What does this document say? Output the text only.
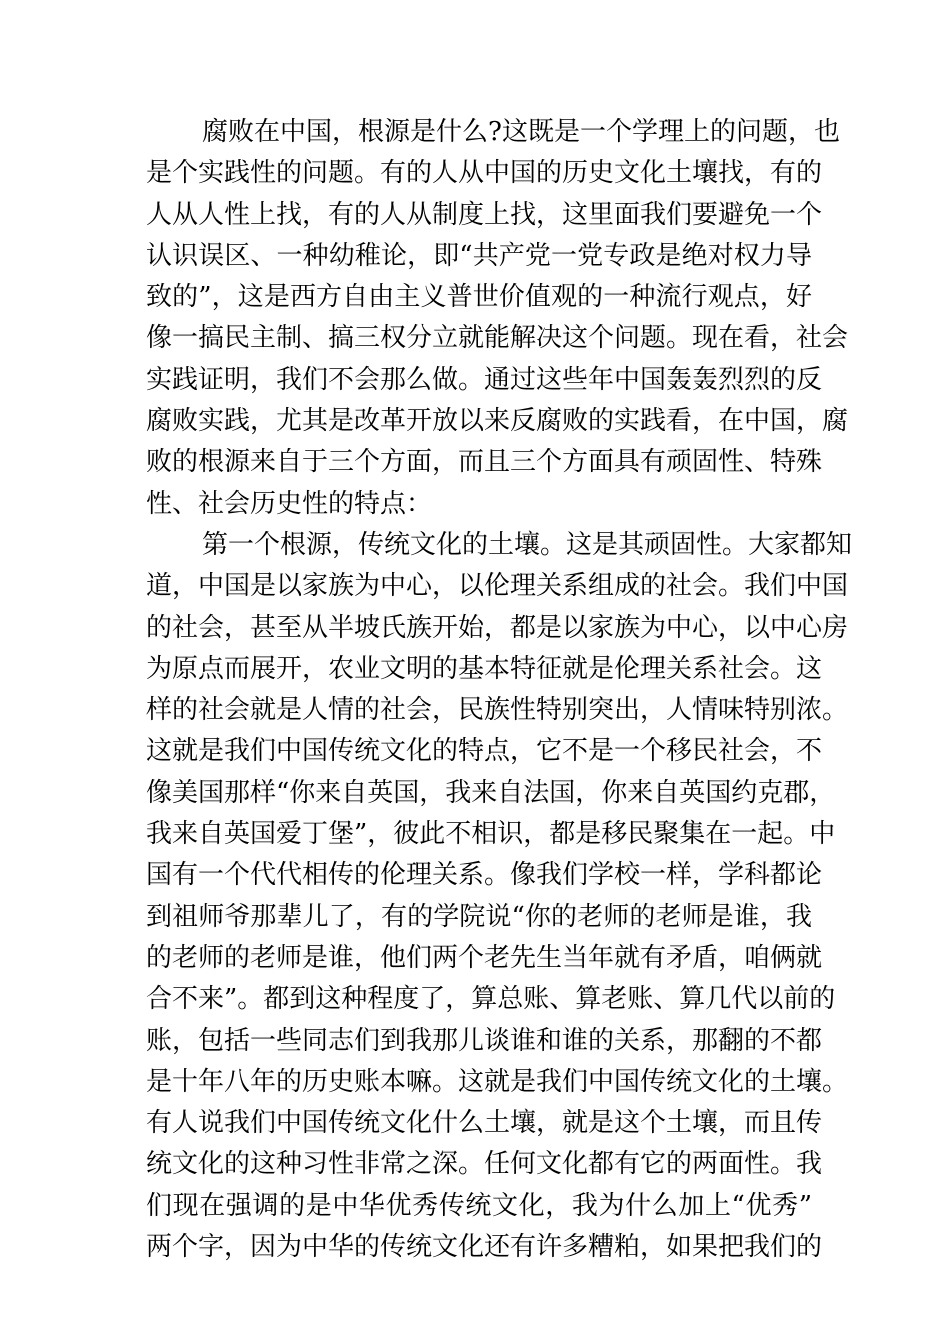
腐败在中国，根源是什么?这既是一个学理上的问题，也
是个实践性的问题。有的人从中国的历史文化土壤找，有的
人从人性上找，有的人从制度上找，这里面我们要避免一个
认识误区、一种幼稚论，即“共产党一党专政是绝对权力导
致的”，这是西方自由主义普世价值观的一种流行观点，好
像一搞民主制、搞三权分立就能解决这个问题。现在看，社会
实践证明，我们不会那么做。通过这些年中国轰轰烈烈的反
腐败实践，尤其是改革开放以来反腐败的实践看，在中国，腐
败的根源来自于三个方面，而且三个方面具有顽固性、特殊
性、社会历史性的特点：
第一个根源，传统文化的土壤。这是其顽固性。大家都知
道，中国是以家族为中心，以伦理关系组成的社会。我们中国
的社会，甚至从半坡氏族开始，都是以家族为中心，以中心房
为原点而展开，农业文明的基本特征就是伦理关系社会。这
样的社会就是人情的社会，民族性特别突出，人情味特别浓。
这就是我们中国传统文化的特点，它不是一个移民社会，不
像美国那样“你来自英国，我来自法国，你来自英国约克郡，
我来自英国爱丁堡”，彼此不相识，都是移民聚集在一起。中
国有一个代代相传的伦理关系。像我们学校一样，学科都论
到祖师爷那辈儿了，有的学院说“你的老师的老师是谁，我
的老师的老师是谁，他们两个老先生当年就有矛盾，咱俩就
合不来”。都到这种程度了，算总账、算老账、算几代以前的
账，包括一些同志们到我那儿谈谁和谁的关系，那翻的不都
是十年八年的历史账本嘛。这就是我们中国传统文化的土壤。
有人说我们中国传统文化什么土壤，就是这个土壤，而且传
统文化的这种习性非常之深。任何文化都有它的两面性。我
们现在强调的是中华优秀传统文化，我为什么加上“优秀”
两个字，因为中华的传统文化还有许多糟粕，如果把我们的
